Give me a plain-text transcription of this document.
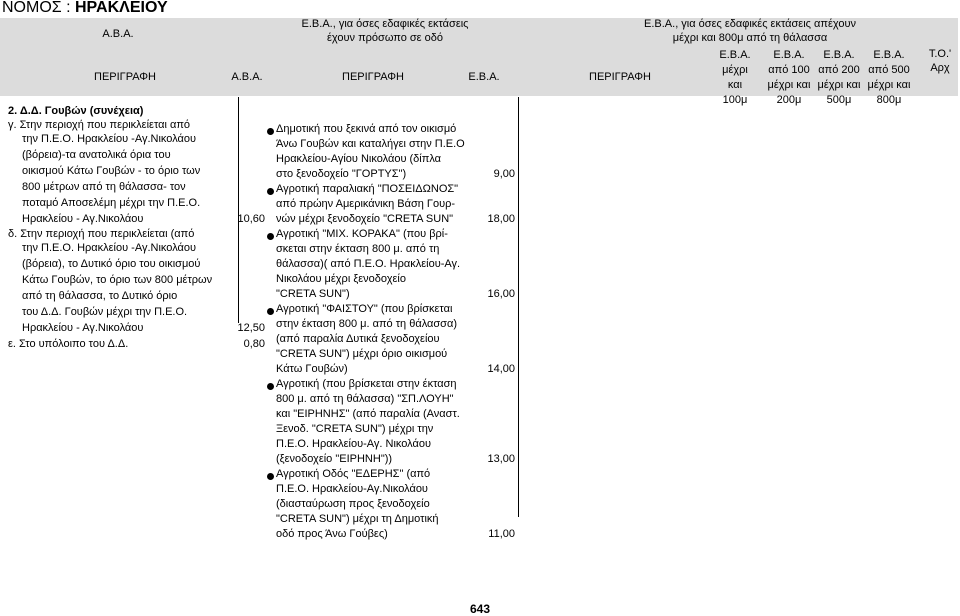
ΝΟΜΟΣ : ΗΡΑΚΛΕΙΟΥ
Α.Β.Α.
ΠΕΡΙΓΡΑΦΗ	Α.Β.Α.
Ε.Β.Α., για όσες εδαφικές εκτάσεις
έχουν πρόσωπο σε οδό
ΠΕΡΙΓΡΑΦΗ	Ε.Β.Α.
Ε.Β.Α., για όσες εδαφικές εκτάσεις απέχουν
μέχρι και 800μ από τη θάλασσα
ΠΕΡΙΓΡΑΦΗ
Ε.Β.Α.
μέχρι
και
100μ
Ε.Β.Α.
από 100
μέχρι και
200μ
Ε.Β.Α.
από 200
μέχρι και
500μ
Ε.Β.Α.
από 500
μέχρι και
800μ
Τ.Ο.'
Αρχ
2. Δ.Δ. Γουβών (συνέχεια)
γ. Στην περιοχή που περικλείεται από
την Π.Ε.Ο. Ηρακλείου -Αγ.Νικολάου
(βόρεια)-τα ανατολικά όρια του
οικισμού Κάτω Γουβών - το όριο των
800 μέτρων από τη θάλασσα- τον
ποταμό Αποσελέμη μέχρι την Π.Ε.Ο.
Ηρακλείου - Αγ.Νικολάου	10,60
δ. Στην περιοχή που περικλείεται (από
την Π.Ε.Ο. Ηρακλείου -Αγ.Νικολάου
(βόρεια), το Δυτικό όριο του οικισμού
Κάτω Γουβών, το όριο των 800 μέτρων
από τη θάλασσα, το Δυτικό όριο
του Δ.Δ. Γουβών μέχρι την Π.Ε.Ο.
Ηρακλείου - Αγ.Νικολάου	12,50
ε. Στο υπόλοιπο του Δ.Δ.	0,80
Δημοτική που ξεκινά από τον οικισμό
Άνω Γουβών και καταλήγει στην Π.Ε.Ο
Ηρακλείου-Αγίου Νικολάου (δίπλα
στο ξενοδοχείο "ΓΟΡΤΥΣ")	9,00
Αγροτική παραλιακή "ΠΟΣΕΙΔΩΝΟΣ"
από πρώην Αμερικάνικη Βάση Γουρ-
νών μέχρι ξενοδοχείο "CRETA SUN"	18,00
Αγροτική "ΜΙΧ. ΚΟΡΑΚΑ" (που βρί-
σκεται στην έκταση 800 μ. από τη
θάλασσα)( από Π.Ε.Ο. Ηρακλείου-Αγ.
Νικολάου μέχρι ξενοδοχείο
"CRETA SUN")	16,00
Αγροτική "ΦΑΙΣΤΟΥ" (που βρίσκεται
στην έκταση 800 μ. από τη θάλασσα)
(από παραλία Δυτικά ξενοδοχείου
"CRETA SUN") μέχρι όριο οικισμού
Κάτω Γουβών)	14,00
Αγροτική (που βρίσκεται στην έκταση
800 μ. από τη θάλασσα) "ΣΠ.ΛΟΥΗ"
και "ΕΙΡΗΝΗΣ" (από παραλία (Αναστ.
Ξενοδ. "CRETA SUN") μέχρι την
Π.Ε.Ο. Ηρακλείου-Αγ. Νικολάου
(ξενοδοχείο "ΕΙΡΗΝΗ"))	13,00
Αγροτική Οδός "ΕΔΕΡΗΣ" (από
Π.Ε.Ο. Ηρακλείου-Αγ.Νικολάου
(διασταύρωση προς ξενοδοχείο
"CRETA SUN") μέχρι τη Δημοτική
οδό προς Άνω Γούβες)	11,00
643
